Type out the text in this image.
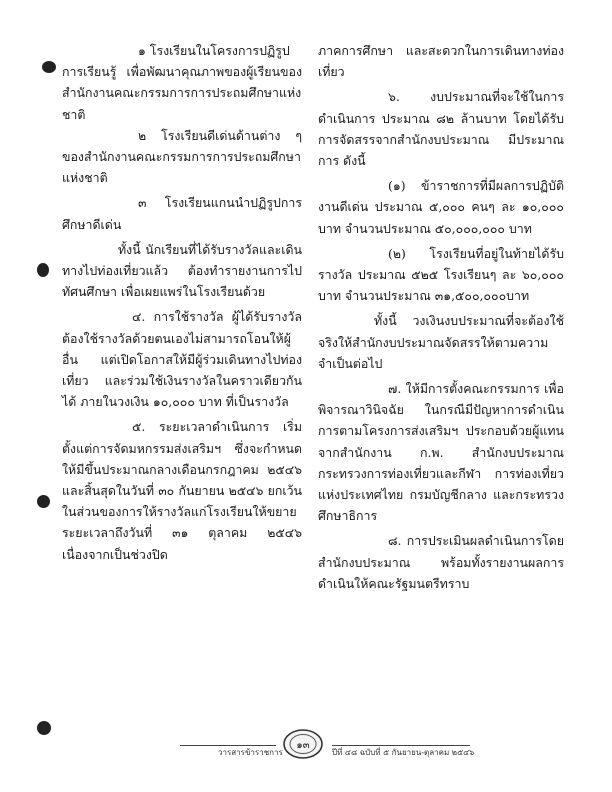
๑ โรงเรียนในโครงการปฏิรูป

การเรียนรู้ เพื่อพัฒนาคุณภาพของผู้เรียนของสำนักงานคณะกรรมการการประถมศึกษาแห่งชาติ

๒ โรงเรียนดีเด่นด้านต่าง ๆ ของสำนักงานคณะกรรมการการประถมศึกษาแห่งชาติ

๓ โรงเรียนแกนนำปฏิรูปการศึกษาดีเด่น

ทั้งนี้ นักเรียนที่ได้รับรางวัลและเดินทางไปท่องเที่ยวแล้ว ต้องทำรายงานการไปทัศนศึกษา เพื่อเผยแพร่ในโรงเรียนด้วย

๔. การใช้รางวัล ผู้ได้รับรางวัลต้องใช้รางวัลด้วยตนเองไม่สามารถโอนให้ผู้อื่น แต่เปิดโอกาสให้มีผู้ร่วมเดินทางไปท่องเที่ยว และร่วมใช้เงินรางวัลในคราวเดียวกันได้ ภายในวงเงิน ๑๐,๐๐๐ บาท ที่เป็นรางวัล

๕. ระยะเวลาดำเนินการ เริ่มตั้งแต่การจัดมหกรรมส่งเสริมฯ ซึ่งจะกำหนดให้มีขึ้นประมาณกลางเดือนกรกฎาคม ๒๕๔๖ และสิ้นสุดในวันที่ ๓๐ กันยายน ๒๕๔๖ ยกเว้น ในส่วนของการให้รางวัลแก่โรงเรียนให้ขยายระยะเวลาถึงวันที่ ๓๑ ตุลาคม ๒๕๔๖ เนื่องจากเป็นช่วงปิด

ภาคการศึกษา และสะดวกในการเดินทางท่องเที่ยว

๖. งบประมาณที่จะใช้ในการดำเนินการ ประมาณ ๘๒ ล้านบาท โดยได้รับการจัดสรรจากสำนักงบประมาณ มีประมาณการ ดังนี้

(๑) ข้าราชการที่มีผลการปฏิบัติงานดีเด่น ประมาณ ๕,๐๐๐ คนๆ ละ ๑๐,๐๐๐ บาท จำนวนประมาณ ๕๐,๐๐๐,๐๐๐ บาท

(๒) โรงเรียนที่อยู่ในท้ายได้รับรางวัล ประมาณ ๕๒๕ โรงเรียนๆ ละ ๖๐,๐๐๐ บาท จำนวนประมาณ ๓๑,๕๐๐,๐๐๐บาท

ทั้งนี้ วงเงินงบประมาณที่จะต้องใช้จริงให้สำนักงบประมาณจัดสรรให้ตามความจำเป็นต่อไป

๗. ให้มีการตั้งคณะกรรมการ เพื่อพิจารณาวินิจฉัย ในกรณีมีปัญหาการดำเนินการตามโครงการส่งเสริมฯ ประกอบด้วยผู้แทนจากสำนักงาน ก.พ. สำนักงบประมาณ กระทรวงการท่องเที่ยวและกีฬา การท่องเที่ยวแห่งประเทศไทย กรมบัญชีกลาง และกระทรวงศึกษาธิการ

๘. การประเมินผลดำเนินการโดยสำนักงบประมาณ พร้อมทั้งรายงานผลการดำเนินให้คณะรัฐมนตรีทราบ

วารสารข้าราชการ
๑๓
ปีที่ ๔๘ ฉบับที่ ๕ กันยายน-ตุลาคม ๒๕๔๖
